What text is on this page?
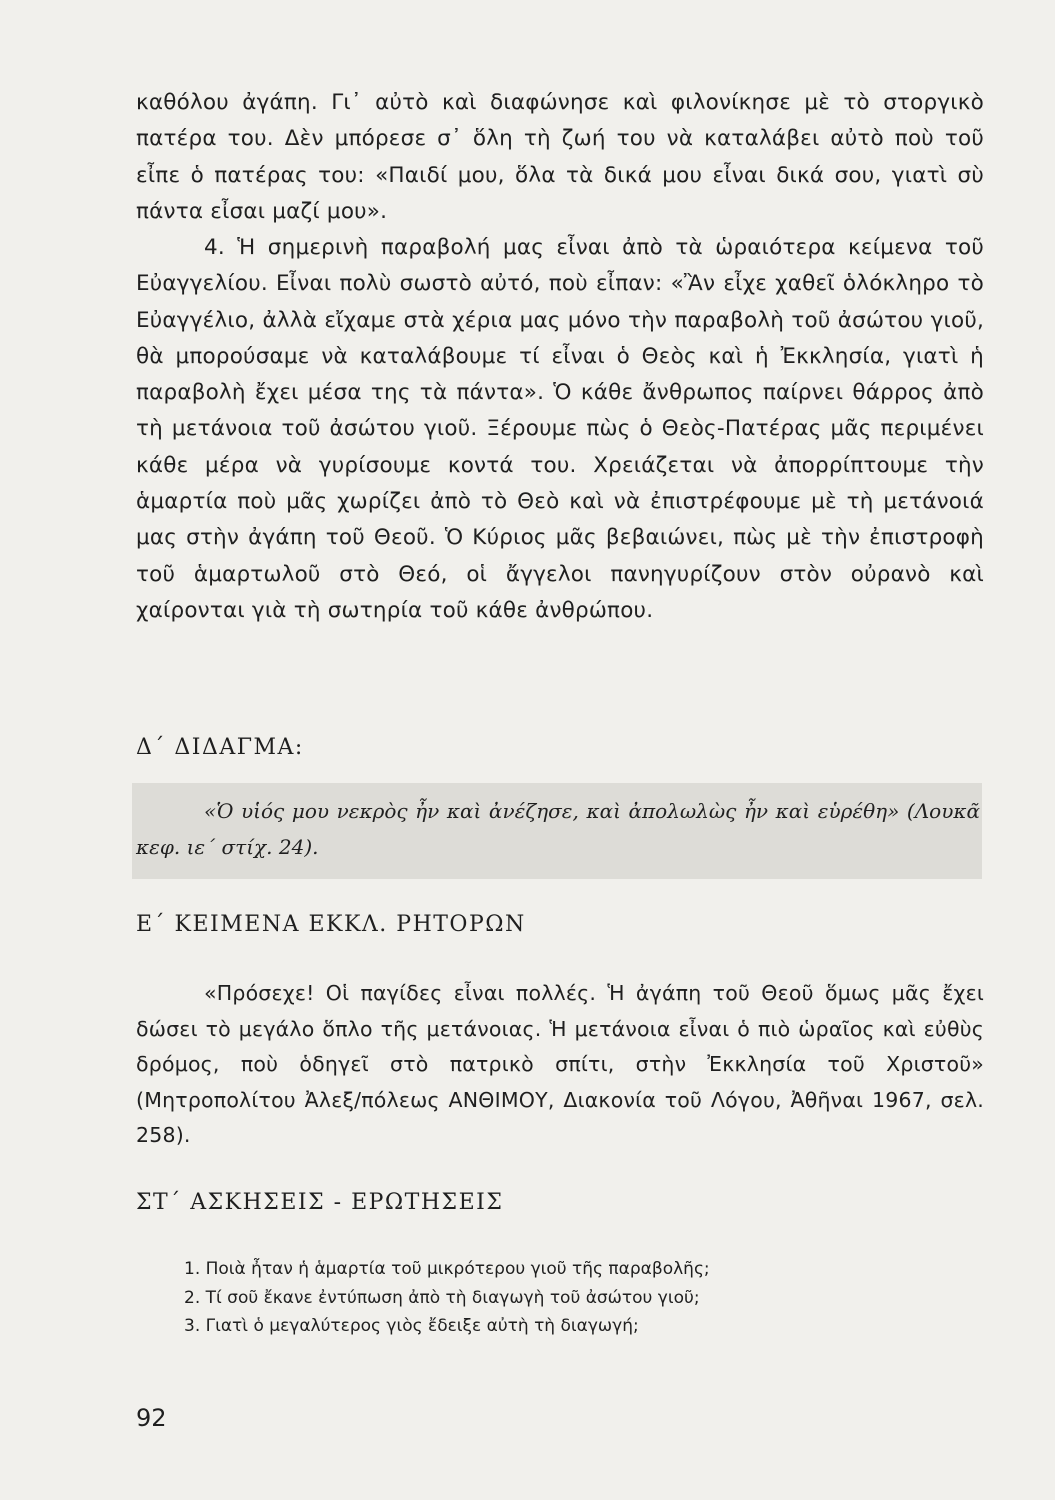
καθόλου ἀγάπη. Γι᾽ αὐτὸ καὶ διαφώνησε καὶ φιλονίκησε μὲ τὸ στοργικὸ πατέρα του. Δὲν μπόρεσε σ᾽ ὅλη τὴ ζωή του νὰ καταλάβει αὐτὸ ποὺ τοῦ εἶπε ὁ πατέρας του: «Παιδί μου, ὅλα τὰ δικά μου εἶναι δικά σου, γιατὶ σὺ πάντα εἶσαι μαζί μου».

4. Ἡ σημερινὴ παραβολή μας εἶναι ἀπὸ τὰ ὡραιότερα κείμενα τοῦ Εὐαγγελίου. Εἶναι πολὺ σωστὸ αὐτό, ποὺ εἶπαν: «Ἂν εἶχε χαθεῖ ὁλόκληρο τὸ Εὐαγγέλιο, ἀλλὰ εἴχαμε στὰ χέρια μας μόνο τὴν παραβολὴ τοῦ ἀσώτου γιοῦ, θὰ μπορούσαμε νὰ καταλάβουμε τί εἶναι ὁ Θεὸς καὶ ἡ Ἐκκλησία, γιατὶ ἡ παραβολὴ ἔχει μέσα της τὰ πάντα». Ὁ κάθε ἄνθρωπος παίρνει θάρρος ἀπὸ τὴ μετάνοια τοῦ ἀσώτου γιοῦ. Ξέρουμε πὼς ὁ Θεὸς-Πατέρας μᾶς περιμένει κάθε μέρα νὰ γυρίσουμε κοντά του. Χρειάζεται νὰ ἀπορρίπτουμε τὴν ἁμαρτία ποὺ μᾶς χωρίζει ἀπὸ τὸ Θεὸ καὶ νὰ ἐπιστρέφουμε μὲ τὴ μετάνοιά μας στὴν ἀγάπη τοῦ Θεοῦ. Ὁ Κύριος μᾶς βεβαιώνει, πὼς μὲ τὴν ἐπιστροφὴ τοῦ ἁμαρτωλοῦ στὸ Θεό, οἱ ἄγγελοι πανηγυρίζουν στὸν οὐρανὸ καὶ χαίρονται γιὰ τὴ σωτηρία τοῦ κάθε ἀνθρώπου.

Δ΄ ΔΙΔΑΓΜΑ:

«Ὁ υἱός μου νεκρὸς ἦν καὶ ἀνέζησε, καὶ ἀπολωλὼς ἦν καὶ εὑρέθη» (Λουκᾶ κεφ. ιε΄ στίχ. 24).

Ε΄ ΚΕΙΜΕΝΑ ΕΚΚΛ. ΡΗΤΟΡΩΝ

«Πρόσεχε! Οἱ παγίδες εἶναι πολλές. Ἡ ἀγάπη τοῦ Θεοῦ ὅμως μᾶς ἔχει δώσει τὸ μεγάλο ὅπλο τῆς μετάνοιας. Ἡ μετάνοια εἶναι ὁ πιὸ ὡραῖος καὶ εὐθὺς δρόμος, ποὺ ὁδηγεῖ στὸ πατρικὸ σπίτι, στὴν Ἐκκλησία τοῦ Χριστοῦ» (Μητροπολίτου Ἀλεξ/πόλεως ΑΝΘΙΜΟΥ, Διακονία τοῦ Λόγου, Ἀθῆναι 1967, σελ. 258).

ΣΤ΄ ΑΣΚΗΣΕΙΣ - ΕΡΩΤΗΣΕΙΣ
1. Ποιὰ ἦταν ἡ ἁμαρτία τοῦ μικρότερου γιοῦ τῆς παραβολῆς;
2. Τί σοῦ ἔκανε ἐντύπωση ἀπὸ τὴ διαγωγὴ τοῦ ἀσώτου γιοῦ;
3. Γιατὶ ὁ μεγαλύτερος γιὸς ἔδειξε αὐτὴ τὴ διαγωγή;

92
